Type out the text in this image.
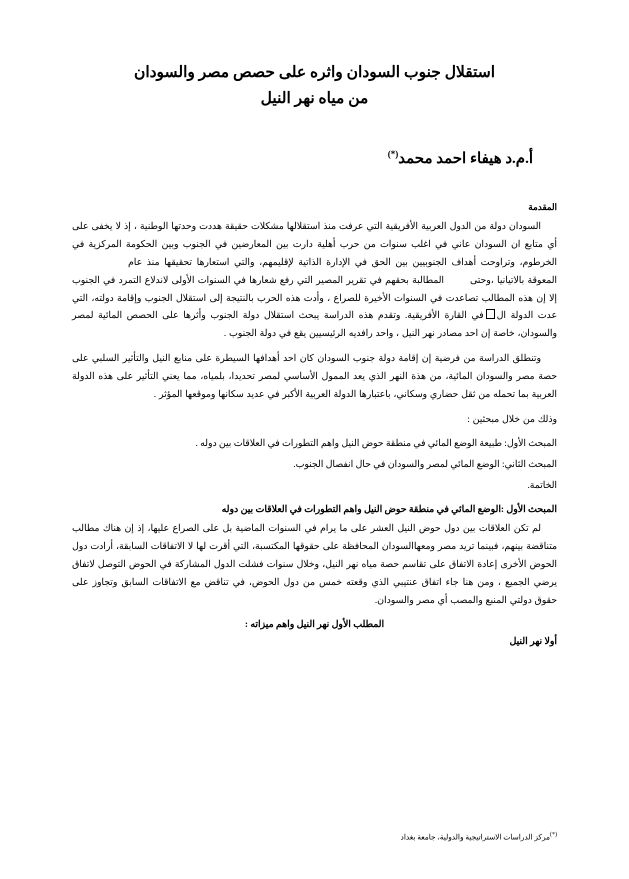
استقلال جنوب السودان واثره على حصص مصر والسودان من مياه نهر النيل
أ.م.د هيفاء احمد محمد(*)
المقدمة

السودان دولة من الدول العربية الأفريقية التي عرفت منذ استقلالها مشكلات حقيقة هددت وحدتها الوطنية ، إذ لا يخفى على أي متابع ان السودان عاني في اغلب سنوات من حرب أهلية دارت بين المعارضين في الجنوب وبين الحكومة المركزية في الخرطوم، وتراوحت أهداف الجنوبيين بين الحق في الإدارة الذاتية لإقليمهم، والتي استعارها تحقيقها منذ عامالمعوقة بالاتيانيا ،وحتىالمطالبة بحقهم في تقرير المصير التي رفع شعارها في السنوات الأولى لاندلاع التمرد في الجنوب إلا إن هذه المطالب تصاعدت في السنوات الأخيرة للصراع ، وأدت هذه الحرب بالنتيجة إلى استقلال الجنوب وإقامة دولته، التي عدت الدولة الفي القارة الأفريقية. وتقدم هذه الدراسة يبحث استقلال دولة الجنوب وأثرها على الحصص المائية لمصر والسودان، خاصة إن احد مصادر نهر النيل ، واحد رافديه الرئيسيين يقع في دولة الجنوب .

وتنطلق الدراسة من فرضية إن إقامة دولة جنوب السودان كان احد أهدافها السيطرة على منابع النيل والتأثير السلبي على حصة مصر والسودان المائية، من هذة النهر الذي يعد الممول الأساسي لمصر تحديدا، بلمياه، مما يعني التأثير على هذه الدولة العربية بما تحمله من ثقل حضاري وسكاني، باعتبارها الدولة العربية الأكبر في عديد سكانها وموقعها المؤثر .

وذلك من خلال مبحثين :

المبحث الأول: طبيعة الوضع المائي في منطقة حوض النيل واهم التطورات في العلاقات بين دوله .

المبحث الثاني: الوضع المائي لمصر والسودان في حال انفصال الجنوب.

الخاتمة.

المبحث الأول :الوضع المائي في منطقة حوض النيل واهم التطورات في العلاقات بين دوله

لم تكن العلاقات بين دول حوض النيل العشر على ما يرام في السنوات الماضية بل على الصراع عليها، إذ إن هناك مطالب متناقضة بينهم، فبينما تريد مصر ومعهاالسودان المحافظة على حقوقها المكتسبة، التي أقرت لها لا الاتفاقات السابقة، أرادت دول الحوض الأخرى إعادة الاتفاق على تقاسم حصة مياه نهر النيل، وخلال سنوات فشلت الدول المشاركة في الحوض التوصل لاتفاق يرضي الجميع ، ومن هنا جاء اتفاق عنتيبي الذي وقعته خمس من دول الحوض، في تناقض مع الاتفاقات السابق وتجاوز على حقوق دولتي المنبع والمصب أي مصر والسودان.

المطلب الأول نهر النيل واهم ميزاته :
أولا نهر النيل
(*)مركز الدراسات الاستراتيجية والدولية، جامعة بغداد
